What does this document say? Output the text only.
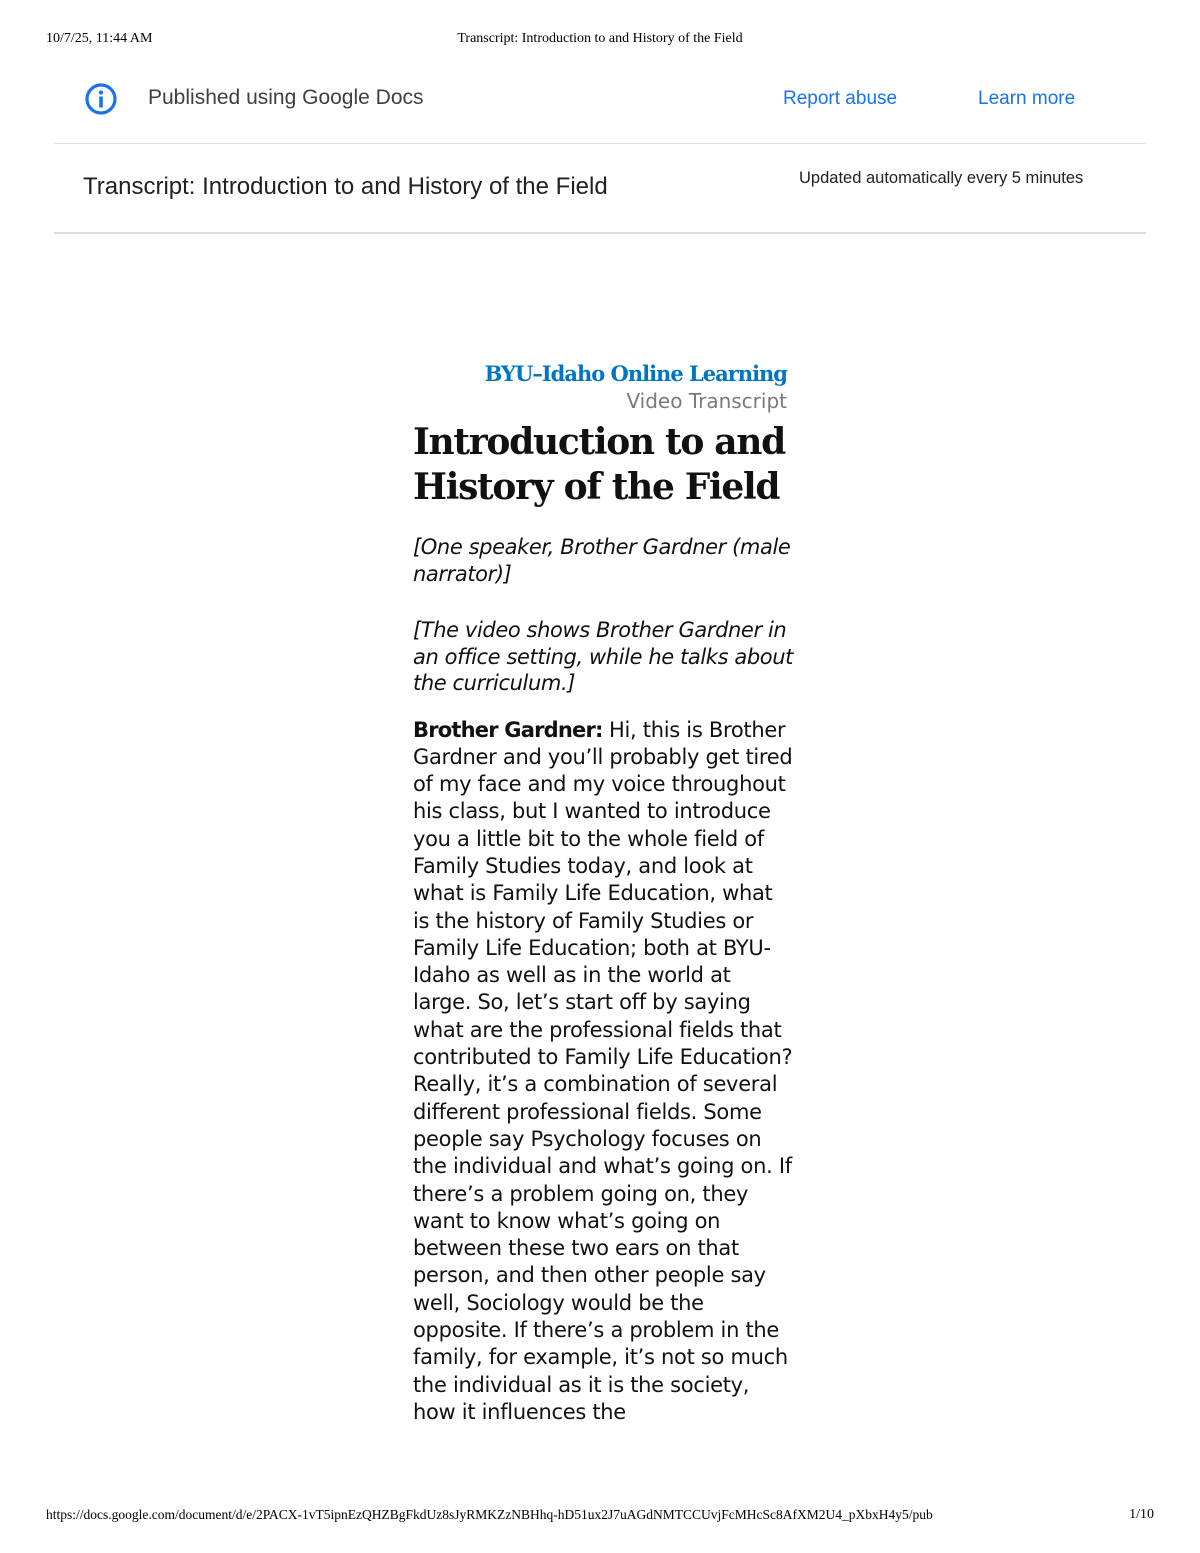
10/7/25, 11:44 AM	Transcript: Introduction to and History of the Field
Published using Google Docs	Report abuse	Learn more
Transcript: Introduction to and History of the Field	Updated automatically every 5 minutes
BYU–Idaho Online Learning
Video Transcript
Introduction to and History of the Field
[One speaker, Brother Gardner (male narrator)]
[The video shows Brother Gardner in an office setting, while he talks about the curriculum.]
Brother Gardner: Hi, this is Brother Gardner and you’ll probably get tired of my face and my voice throughout his class, but I wanted to introduce you a little bit to the whole field of Family Studies today, and look at what is Family Life Education, what is the history of Family Studies or Family Life Education; both at BYU-Idaho as well as in the world at large. So, let’s start off by saying what are the professional fields that contributed to Family Life Education? Really, it’s a combination of several different professional fields. Some people say Psychology focuses on the individual and what’s going on. If there’s a problem going on, they want to know what’s going on between these two ears on that person, and then other people say well, Sociology would be the opposite. If there’s a problem in the family, for example, it’s not so much the individual as it is the society, how it influences the
https://docs.google.com/document/d/e/2PACX-1vT5ipnEzQHZBgFkdUz8sJyRMKZzNBHhq-hD51ux2J7uAGdNMTCCUvjFcMHcSc8AfXM2U4_pXbxH4y5/pub	1/10
